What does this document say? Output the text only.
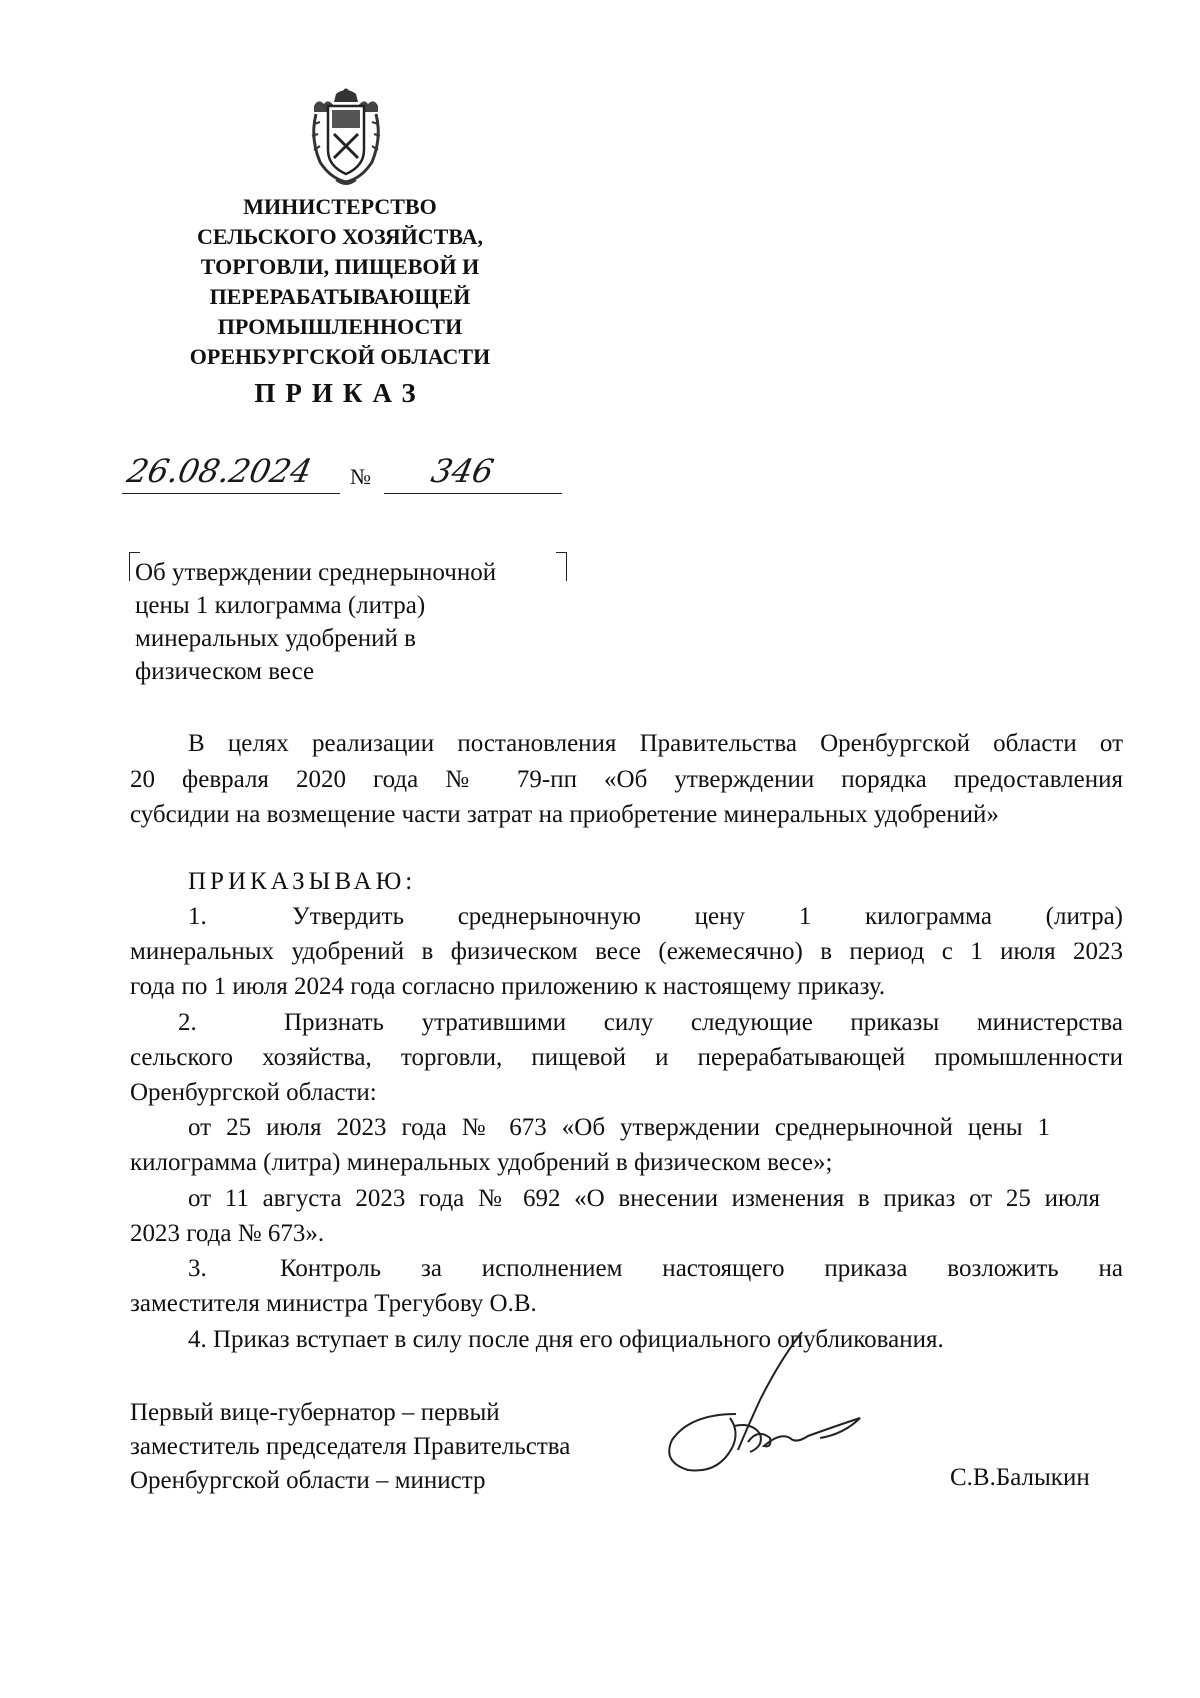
МИНИСТЕРСТВО
СЕЛЬСКОГО ХОЗЯЙСТВА,
ТОРГОВЛИ, ПИЩЕВОЙ И
ПЕРЕРАБАТЫВАЮЩЕЙ
ПРОМЫШЛЕННОСТИ
ОРЕНБУРГСКОЙ ОБЛАСТИ
ПРИКАЗ
26.08.2024 № 346
Об утверждении среднерыночной
цены 1 килограмма (литра)
минеральных удобрений в
физическом весе
В целях реализации постановления Правительства Оренбургской области от
20 февраля 2020 года № 79-пп «Об утверждении порядка предоставления
субсидии на возмещение части затрат на приобретение минеральных удобрений»
ПРИКАЗЫВАЮ:
1.	Утвердить среднерыночную цену 1 килограмма (литра)
минеральных удобрений в физическом весе (ежемесячно) в период с 1 июля 2023
года по 1 июля 2024 года согласно приложению к настоящему приказу.
2.	Признать утратившими силу следующие приказы министерства
сельского хозяйства, торговли, пищевой и перерабатывающей промышленности
Оренбургской области:
от 25 июля 2023 года № 673 «Об утверждении среднерыночной цены 1
килограмма (литра) минеральных удобрений в физическом весе»;
от 11 августа 2023 года № 692 «О внесении изменения в приказ от 25 июля
2023 года № 673».
3.	Контроль за исполнением настоящего приказа возложить на
заместителя министра Трегубову О.В.
4. Приказ вступает в силу после дня его официального опубликования.
Первый вице-губернатор – первый
заместитель председателя Правительства
Оренбургской области – министр	С.В.Балыкин
